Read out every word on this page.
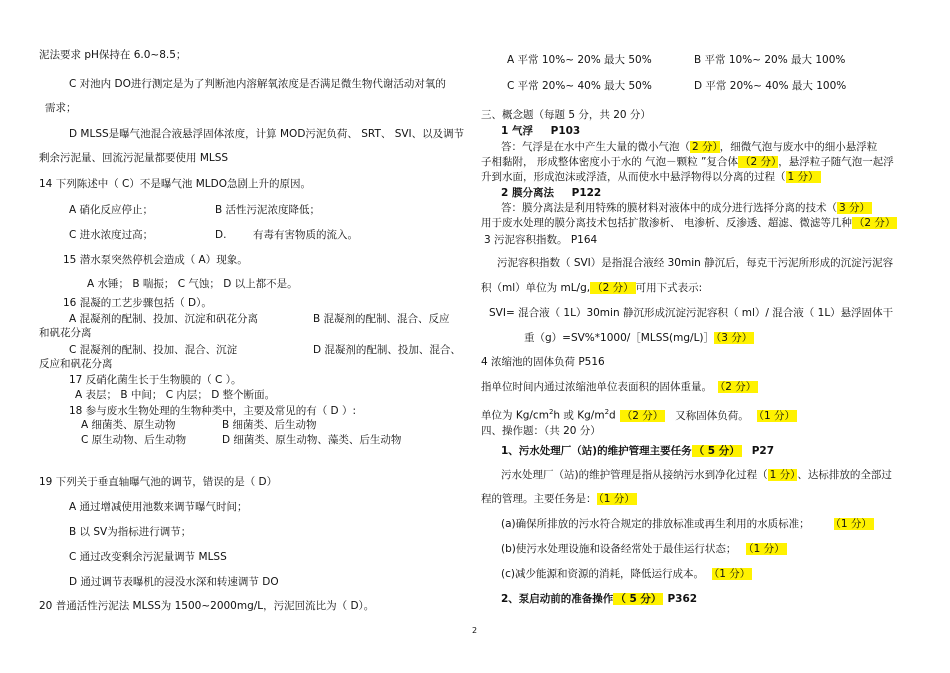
泥法要求 pH保持在 6.0~8.5；
C 对池内 DO进行测定是为了判断池内溶解氧浓度是否满足微生物代谢活动对氧的
需求；
D MLSS是曝气池混合液悬浮固体浓度，计算 MOD污泥负荷、 SRT、 SVI、以及调节
剩余污泥量、回流污泥量都要使用 MLSS
14 下列陈述中（ C）不是曝气池 MLDO急剧上升的原因。
A 硝化反应停止；	B 活性污泥浓度降低；
C 进水浓度过高；	D.	有毒有害物质的流入。
15 潜水泵突然停机会造成（ A）现象。
A 水锤； B 喘振； C 气蚀； D 以上都不是。
16 混凝的工艺步骤包括（ D）。
A 混凝剂的配制、投加、沉淀和矾花分离	B 混凝剂的配制、混合、反应
和矾花分离
C 混凝剂的配制、投加、混合、沉淀	D 混凝剂的配制、投加、混合、
反应和矾花分离
17 反硝化菌生长于生物膜的（ C ）。
A 表层； B 中间； C 内层； D 整个断面。
18 参与废水生物处理的生物种类中，主要及常见的有（ D ）:
A 细菌类、原生动物	B 细菌类、后生动物
C 原生动物、后生动物	D 细菌类、原生动物、藻类、后生动物
19 下列关于垂直轴曝气池的调节，错误的是（ D）
A 通过增减使用池数来调节曝气时间；
B 以 SV为指标进行调节；
C 通过改变剩余污泥量调节 MLSS
D 通过调节表曝机的浸没水深和转速调节 DO
20 普通活性污泥法 MLSS为 1500~2000mg/L，污泥回流比为（ D）。
A 平常 10%~ 20% 最大 50%	B 平常 10%~ 20% 最大 100%
C 平常 20%~ 40% 最大 50%	D 平常 20%~ 40% 最大 100%
三、概念题（每题 5 分，共 20 分）
1 气浮 P103
答：气浮是在水中产生大量的微小气泡（ 2 分） ，细微气泡与废水中的细小悬浮粒
子相黏附， 形成整体密度小于水的 气泡－颗粒 ”复合体 （2 分） ，悬浮粒子随气泡一起浮
升到水面，形成泡沫或浮渣，从而使水中悬浮物得以分离的过程（ 1 分）
2 膜分离法 P122
答：膜分离法是利用特殊的膜材料对液体中的成分进行选择分离的技术（ 3 分）
用于废水处理的膜分离技术包括扩散渗析、 电渗析、反渗透、超滤、微滤等几种 （2 分）
3 污泥容积指数。 P164
污泥容积指数（ SVI）是指混合液经 30min 静沉后，每克干污泥所形成的沉淀污泥容
积（ml）单位为 mL/g, （2 分） 可用下式表示:
SVI= 混合液（ 1L）30min 静沉形成沉淀污泥容积（ ml）/ 混合液（ 1L）悬浮固体干
重（g）=SV%*1000/［MLSS(mg/L)］ （3 分）
4 浓缩池的固体负荷 P516
指单位时间内通过浓缩池单位表面积的固体重量。 （2 分）
单位为 $Kg/cm^2h$ 或 $Kg/m^2d$ （2 分） 又称固体负荷。 （1 分）
四、操作题：（共 20 分）
1、污水处理厂（站)的维护管理主要任务 （ 5 分） P27
污水处理厂（站)的维护管理是指从接纳污水到净化过程（ 1 分） 、达标排放的全部过
程的管理。主要任务是： （1 分）
(a)确保所排放的污水符合规定的排放标准或再生利用的水质标准； （1 分）
(b)使污水处理设施和设备经常处于最佳运行状态； （1 分）
(c)减少能源和资源的消耗，降低运行成本。 （1 分）
2、泵启动前的准备操作 （ 5 分） P362
2
